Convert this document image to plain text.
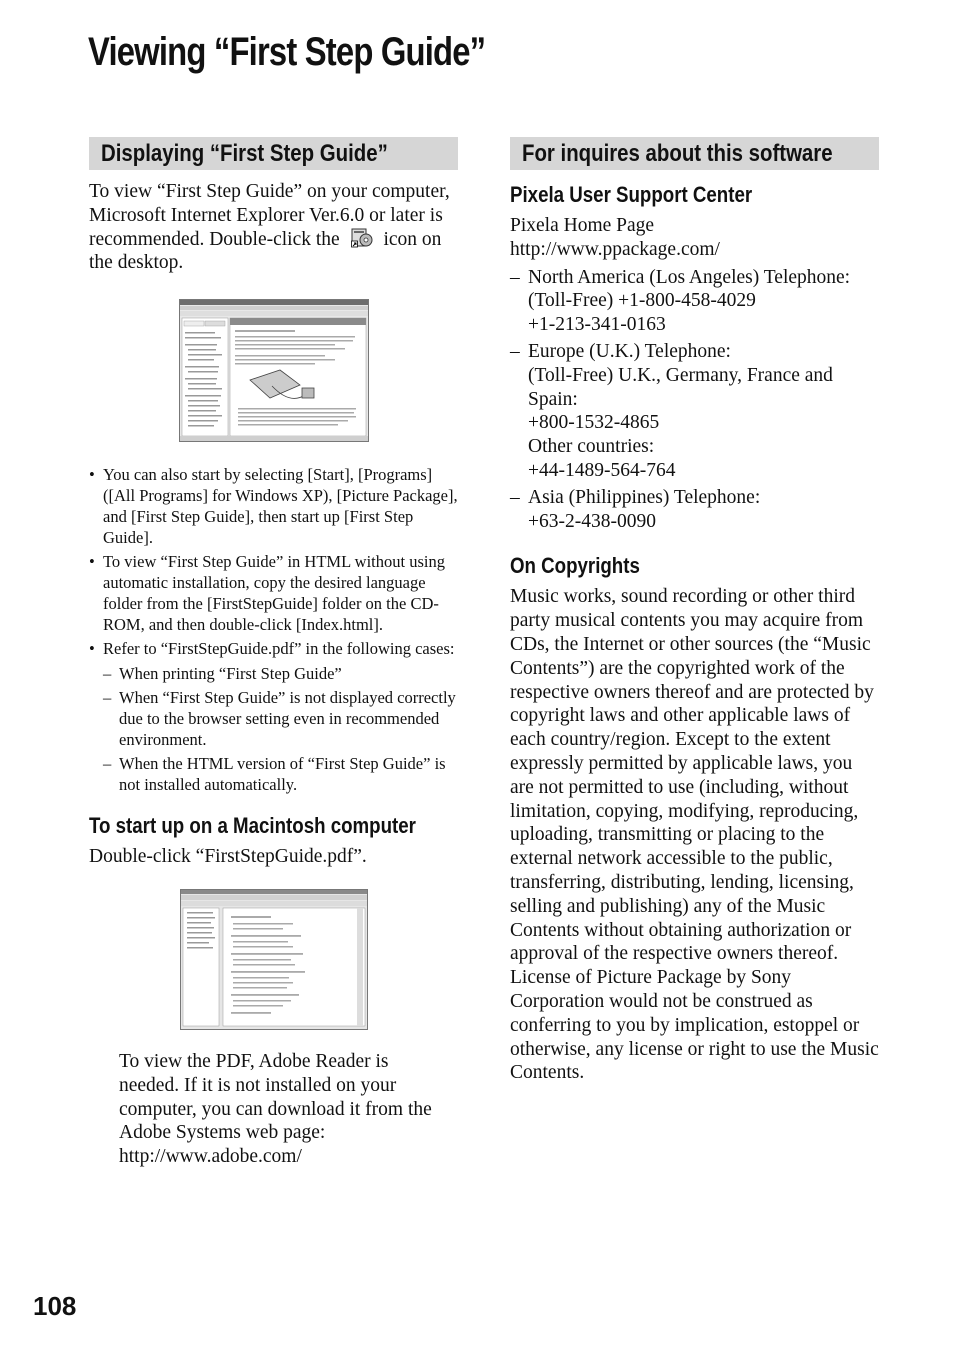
Viewing “First Step Guide”
Displaying “First Step Guide”

To view “First Step Guide” on your computer, Microsoft Internet Explorer Ver.6.0 or later is recommended. Double-click the icon on the desktop.

• You can also start by selecting [Start], [Programs] ([All Programs] for Windows XP), [Picture Package], and [First Step Guide], then start up [First Step Guide].
• To view “First Step Guide” in HTML without using automatic installation, copy the desired language folder from the [FirstStepGuide] folder on the CD-ROM, and then double-click [Index.html].
• Refer to “FirstStepGuide.pdf” in the following cases:
– When printing “First Step Guide”
– When “First Step Guide” is not displayed correctly due to the browser setting even in recommended environment.
– When the HTML version of “First Step Guide” is not installed automatically.
To start up on a Macintosh computer

Double-click “FirstStepGuide.pdf”.

To view the PDF, Adobe Reader is
needed. If it is not installed on your
computer, you can download it from the
Adobe Systems web page:
http://www.adobe.com/
For inquires about this software
Pixela User Support Center

Pixela Home Page
http://www.ppackage.com/

– North America (Los Angeles) Telephone:
(Toll-Free) +1-800-458-4029
+1-213-341-0163
– Europe (U.K.) Telephone:
(Toll-Free) U.K., Germany, France and
Spain:
+800-1532-4865
Other countries:
+44-1489-564-764
– Asia (Philippines) Telephone:
+63-2-438-0090
On Copyrights

Music works, sound recording or other third party musical contents you may acquire from CDs, the Internet or other sources (the “Music Contents”) are the copyrighted work of the respective owners thereof and are protected by copyright laws and other applicable laws of each country/region. Except to the extent expressly permitted by applicable laws, you are not permitted to use (including, without limitation, copying, modifying, reproducing, uploading, transmitting or placing to the external network accessible to the public, transferring, distributing, lending, licensing, selling and publishing) any of the Music Contents without obtaining authorization or approval of the respective owners thereof. License of Picture Package by Sony Corporation would not be construed as conferring to you by implication, estoppel or otherwise, any license or right to use the Music Contents.

108
